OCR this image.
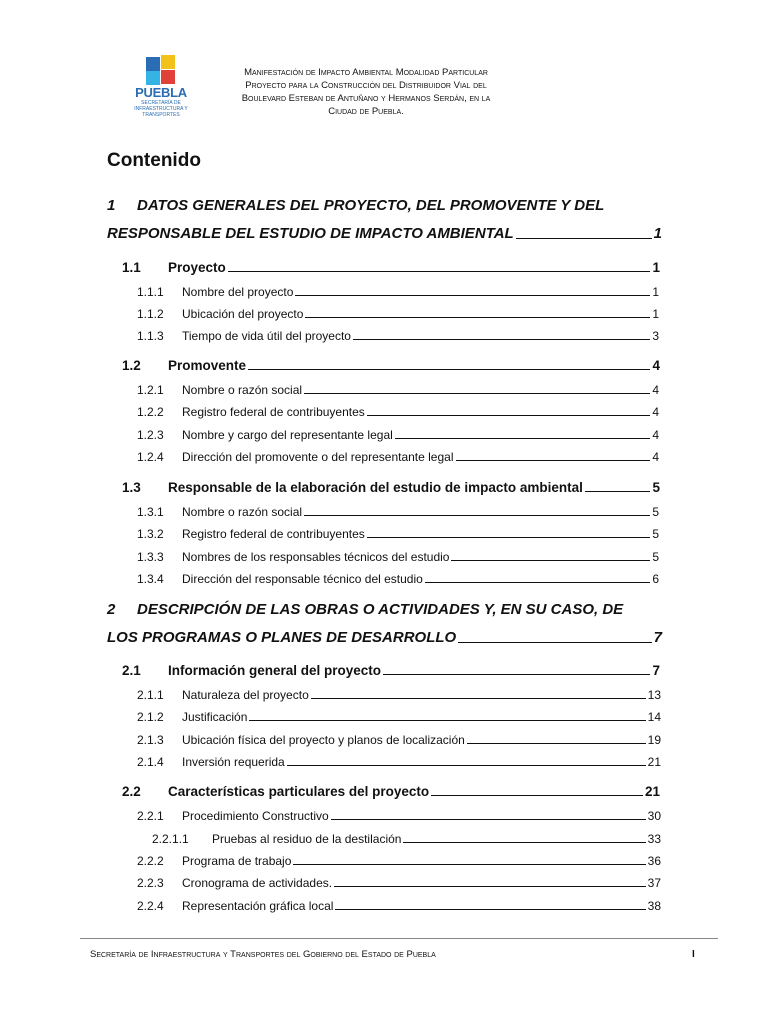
PUEBLA
SECRETARÍA DE INFRAESTRUCTURA Y TRANSPORTES
Manifestación de Impacto Ambiental Modalidad Particular
Proyecto para la Construcción del Distribuidor Vial del
Boulevard Esteban de Antuñano y Hermanos Serdán, en la
Ciudad de Puebla.
Contenido
1	DATOS GENERALES DEL PROYECTO, DEL PROMOVENTE Y DEL
RESPONSABLE DEL ESTUDIO DE IMPACTO AMBIENTAL	1
1.1	Proyecto	1
1.1.1	Nombre del proyecto	1
1.1.2	Ubicación del proyecto	1
1.1.3	Tiempo de vida útil del proyecto	3
1.2	Promovente	4
1.2.1	Nombre o razón social	4
1.2.2	Registro federal de contribuyentes	4
1.2.3	Nombre y cargo del representante legal	4
1.2.4	Dirección del promovente o del representante legal	4
1.3	Responsable de la elaboración del estudio de impacto ambiental	5
1.3.1	Nombre o razón social	5
1.3.2	Registro federal de contribuyentes	5
1.3.3	Nombres de los responsables técnicos del estudio	5
1.3.4	Dirección del responsable técnico del estudio	6
2	DESCRIPCIÓN DE LAS OBRAS O ACTIVIDADES Y, EN SU CASO, DE
LOS PROGRAMAS O PLANES DE DESARROLLO	7
2.1	Información general del proyecto	7
2.1.1	Naturaleza del proyecto	13
2.1.2	Justificación	14
2.1.3	Ubicación física del proyecto y planos de localización	19
2.1.4	Inversión requerida	21
2.2	Características particulares del proyecto	21
2.2.1	Procedimiento Constructivo	30
2.2.1.1	Pruebas al residuo de la destilación	33
2.2.2	Programa de trabajo	36
2.2.3	Cronograma de actividades.	37
2.2.4	Representación gráfica local	38
Secretaría de Infraestructura y Transportes del Gobierno del Estado de Puebla	I
